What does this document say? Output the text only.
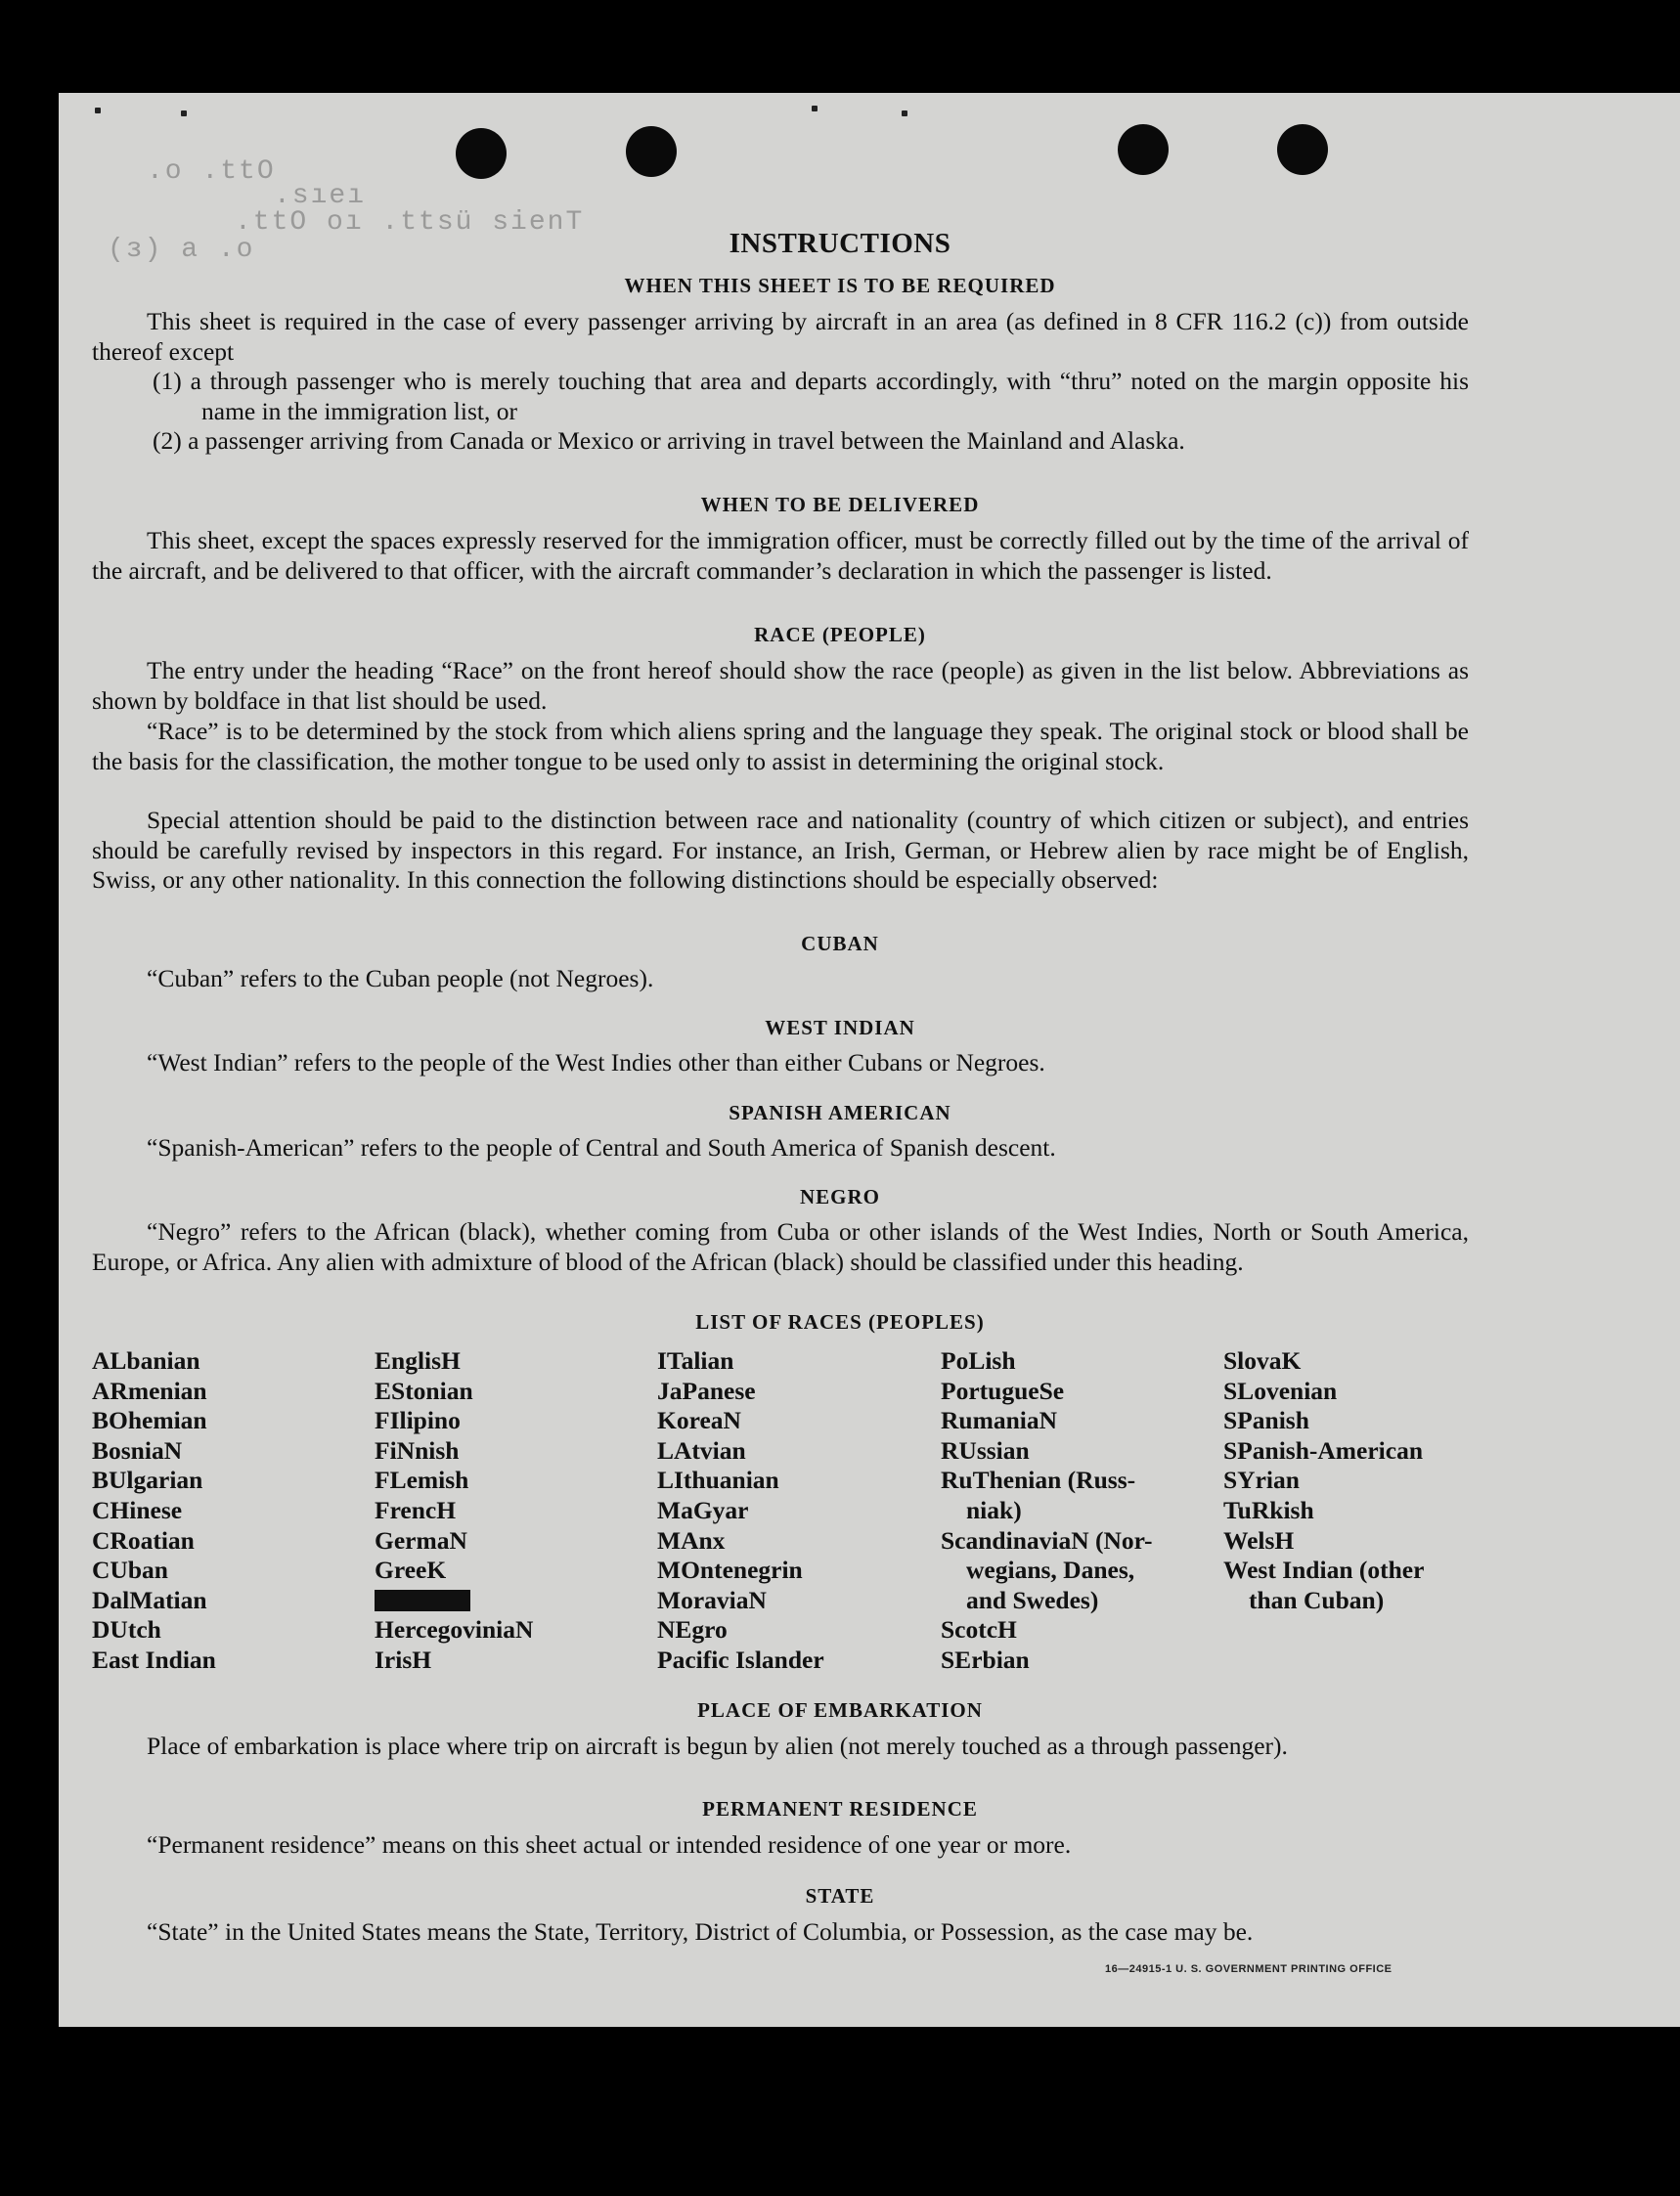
.o .ttO
.sıeı
.ttO oı .ttsü sienT
(ɜ) a .o	INSTRUCTIONS
WHEN THIS SHEET IS TO BE REQUIRED
This sheet is required in the case of every passenger arriving by aircraft in an area (as defined in 8 CFR 116.2 (c)) from outside thereof except
(1) a through passenger who is merely touching that area and departs accordingly, with “thru” noted on the margin opposite his name in the immigration list, or
(2) a passenger arriving from Canada or Mexico or arriving in travel between the Mainland and Alaska.
WHEN TO BE DELIVERED
This sheet, except the spaces expressly reserved for the immigration officer, must be correctly filled out by the time of the arrival of the aircraft, and be delivered to that officer, with the aircraft commander’s declaration in which the passenger is listed.
RACE (PEOPLE)
The entry under the heading “Race” on the front hereof should show the race (people) as given in the list below. Abbreviations as shown by boldface in that list should be used.
“Race” is to be determined by the stock from which aliens spring and the language they speak. The original stock or blood shall be the basis for the classification, the mother tongue to be used only to assist in determining the original stock.
Special attention should be paid to the distinction between race and nationality (country of which citizen or subject), and entries should be carefully revised by inspectors in this regard. For instance, an Irish, German, or Hebrew alien by race might be of English, Swiss, or any other nationality. In this connection the following distinctions should be especially observed:
CUBAN
“Cuban” refers to the Cuban people (not Negroes).
WEST INDIAN
“West Indian” refers to the people of the West Indies other than either Cubans or Negroes.
SPANISH AMERICAN
“Spanish-American” refers to the people of Central and South America of Spanish descent.
NEGRO
“Negro” refers to the African (black), whether coming from Cuba or other islands of the West Indies, North or South America, Europe, or Africa. Any alien with admixture of blood of the African (black) should be classified under this heading.
LIST OF RACES (PEOPLES)
ALbanian
ARmenian
BOhemian
BosniaN
BUlgarian
CHinese
CRoatian
CUban
DalMatian
DUtch
East Indian
EnglisH
EStonian
FIlipino
FiNnish
FLemish
FrencH
GermaN
GreeK
HercegoviniaN
IrisH
ITalian
JaPanese
KoreaN
LAtvian
LIthuanian
MaGyar
MAnx
MOntenegrin
MoraviaN
NEgro
Pacific Islander
PoLish
PortugueSe
RumaniaN
RUssian
RuThenian (Russ-
niak)
ScandinaviaN (Nor-
wegians, Danes,
and Swedes)
ScotcH
SErbian
SlovaK
SLovenian
SPanish
SPanish-American
SYrian
TuRkish
WelsH
West Indian (other
than Cuban)
PLACE OF EMBARKATION
Place of embarkation is place where trip on aircraft is begun by alien (not merely touched as a through passenger).
PERMANENT RESIDENCE
“Permanent residence” means on this sheet actual or intended residence of one year or more.
STATE
“State” in the United States means the State, Territory, District of Columbia, or Possession, as the case may be.
16—24915-1 U. S. GOVERNMENT PRINTING OFFICE
